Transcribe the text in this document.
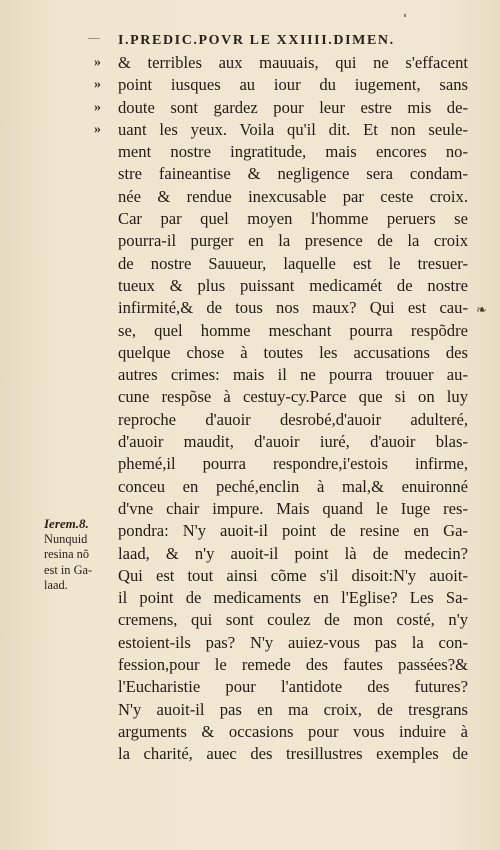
— I.PREDIC.POVR LE XXIIII.DIMEN.
»
»
»
»
& terribles aux mauuais, qui ne s'effacent
point iusques au iour du iugement, sans
doute sont gardez pour leur estre mis de-
uant les yeux. Voila qu'il dit. Et non seule-
ment nostre ingratitude, mais encores no-
stre faineantise & negligence sera condam-
née & rendue inexcusable par ceste croix.
Car par quel moyen l'homme peruers se
pourra-il purger en la presence de la croix
de nostre Sauueur, laquelle est le tresuer-
tueux & plus puissant medicamét de nostre
infirmité,& de tous nos maux? Qui est cau-
se, quel homme meschant pourra respõdre
quelque chose à toutes les accusations des
autres crimes: mais il ne pourra trouuer au-
cune respõse à cestuy-cy.Parce que si on luy
reproche d'auoir desrobé,d'auoir adulteré,
d'auoir maudit, d'auoir iuré, d'auoir blas-
phemé,il pourra respondre,i'estois infirme,
conceu en peché,enclin à mal,& enuironné
d'vne chair impure. Mais quand le Iuge res-
pondra: N'y auoit-il point de resine en Ga-
laad, & n'y auoit-il point là de medecin?
Qui est tout ainsi cõme s'il disoit:N'y auoit-
il point de medicaments en l'Eglise? Les Sa-
cremens, qui sont coulez de mon costé, n'y
estoient-ils pas? N'y auiez-vous pas la con-
fession,pour le remede des fautes passées?&
l'Eucharistie pour l'antidote des futures?
N'y auoit-il pas en ma croix, de tresgrans
arguments & occasions pour vous induire à
la charité, auec des tresillustres exemples de
Ierem.8.
Nunquid
resina nõ
est in Ga-
laad.
❧
